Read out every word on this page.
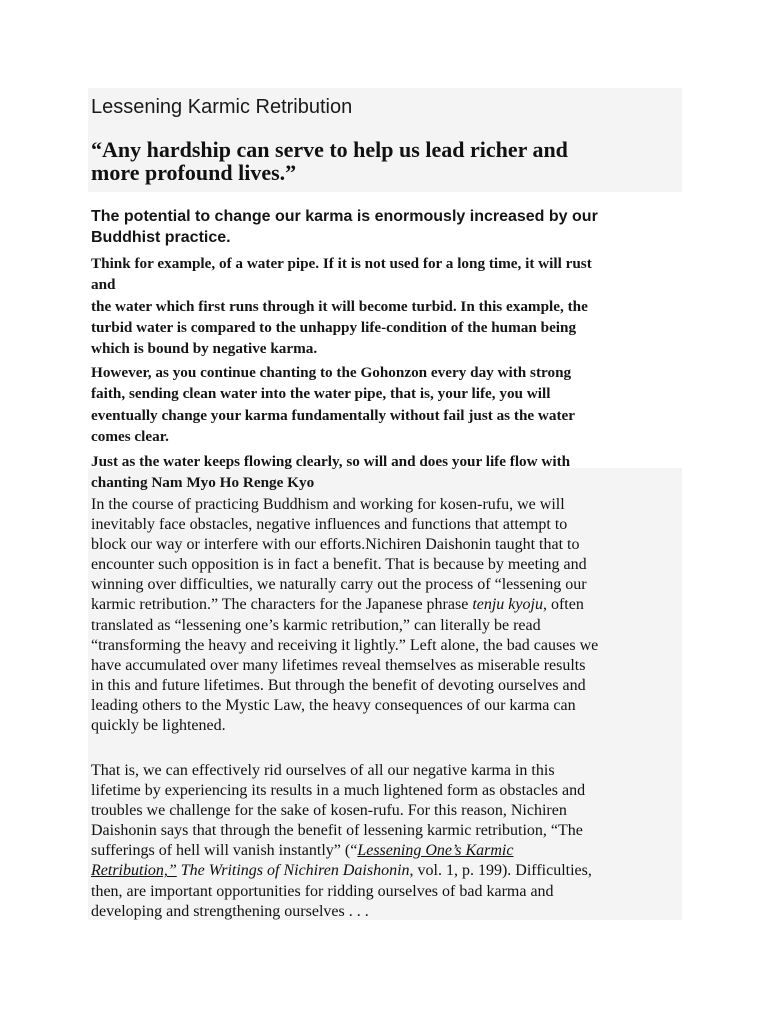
Lessening Karmic Retribution
“Any hardship can serve to help us lead richer and
more profound lives.”
The potential to change our karma is enormously increased by our
Buddhist practice.

Think for example, of a water pipe. If it is not used for a long time, it will rust
and
the water which first runs through it will become turbid. In this example, the
turbid water is compared to the unhappy life-condition of the human being
which is bound by negative karma.

However, as you continue chanting to the Gohonzon every day with strong
faith, sending clean water into the water pipe, that is, your life, you will
eventually change your karma fundamentally without fail just as the water
comes clear.

Just as the water keeps flowing clearly, so will and does your life flow with
chanting Nam Myo Ho Renge Kyo

In the course of practicing Buddhism and working for kosen-rufu, we will
inevitably face obstacles, negative influences and functions that attempt to
block our way or interfere with our efforts.Nichiren Daishonin taught that to
encounter such opposition is in fact a benefit. That is because by meeting and
winning over difficulties, we naturally carry out the process of “lessening our
karmic retribution.” The characters for the Japanese phrase tenju kyoju, often
translated as “lessening one’s karmic retribution,” can literally be read
“transforming the heavy and receiving it lightly.” Left alone, the bad causes we
have accumulated over many lifetimes reveal themselves as miserable results
in this and future lifetimes. But through the benefit of devoting ourselves and
leading others to the Mystic Law, the heavy consequences of our karma can
quickly be lightened.

That is, we can effectively rid ourselves of all our negative karma in this
lifetime by experiencing its results in a much lightened form as obstacles and
troubles we challenge for the sake of kosen-rufu. For this reason, Nichiren
Daishonin says that through the benefit of lessening karmic retribution, “The
sufferings of hell will vanish instantly” (“Lessening One’s Karmic
Retribution,” The Writings of Nichiren Daishonin, vol. 1, p. 199). Difficulties,
then, are important opportunities for ridding ourselves of bad karma and
developing and strengthening ourselves . . .
